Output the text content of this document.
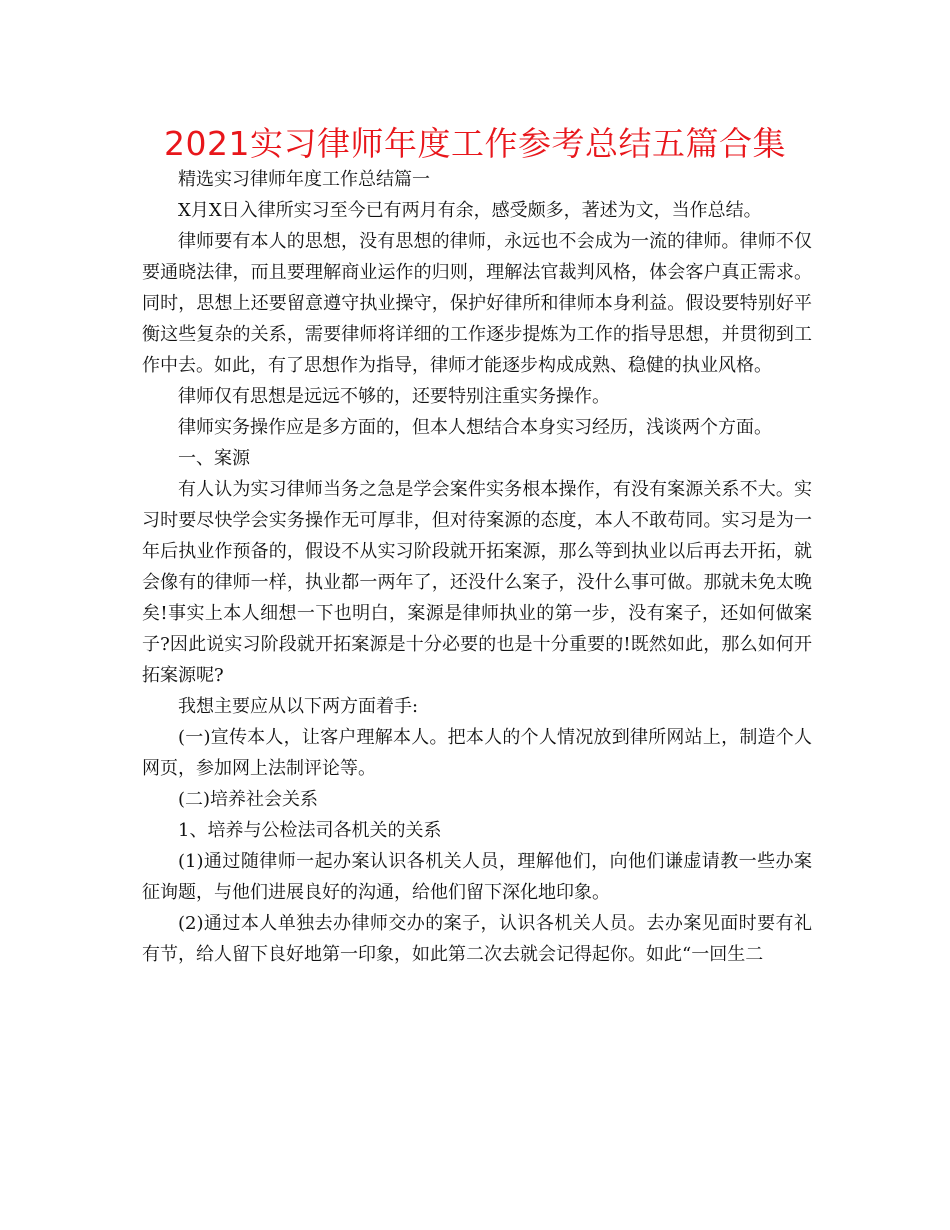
2021实习律师年度工作参考总结五篇合集

精选实习律师年度工作总结篇一

X月X日入律所实习至今已有两月有余，感受颇多，著述为文，当作总结。

律师要有本人的思想，没有思想的律师，永远也不会成为一流的律师。律师不仅要通晓法律，而且要理解商业运作的归则，理解法官裁判风格，体会客户真正需求。同时，思想上还要留意遵守执业操守，保护好律所和律师本身利益。假设要特别好平衡这些复杂的关系，需要律师将详细的工作逐步提炼为工作的指导思想，并贯彻到工作中去。如此，有了思想作为指导，律师才能逐步构成成熟、稳健的执业风格。

律师仅有思想是远远不够的，还要特别注重实务操作。

律师实务操作应是多方面的，但本人想结合本身实习经历，浅谈两个方面。

一、案源

有人认为实习律师当务之急是学会案件实务根本操作，有没有案源关系不大。实习时要尽快学会实务操作无可厚非，但对待案源的态度，本人不敢苟同。实习是为一年后执业作预备的，假设不从实习阶段就开拓案源，那么等到执业以后再去开拓，就会像有的律师一样，执业都一两年了，还没什么案子，没什么事可做。那就未免太晚矣!事实上本人细想一下也明白，案源是律师执业的第一步，没有案子，还如何做案子?因此说实习阶段就开拓案源是十分必要的也是十分重要的!既然如此，那么如何开拓案源呢?

我想主要应从以下两方面着手:

(一)宣传本人，让客户理解本人。把本人的个人情况放到律所网站上，制造个人网页，参加网上法制评论等。

(二)培养社会关系

1、培养与公检法司各机关的关系

(1)通过随律师一起办案认识各机关人员，理解他们，向他们谦虚请教一些办案征询题，与他们进展良好的沟通，给他们留下深化地印象。

(2)通过本人单独去办律师交办的案子，认识各机关人员。去办案见面时要有礼有节，给人留下良好地第一印象，如此第二次去就会记得起你。如此“一回生二
